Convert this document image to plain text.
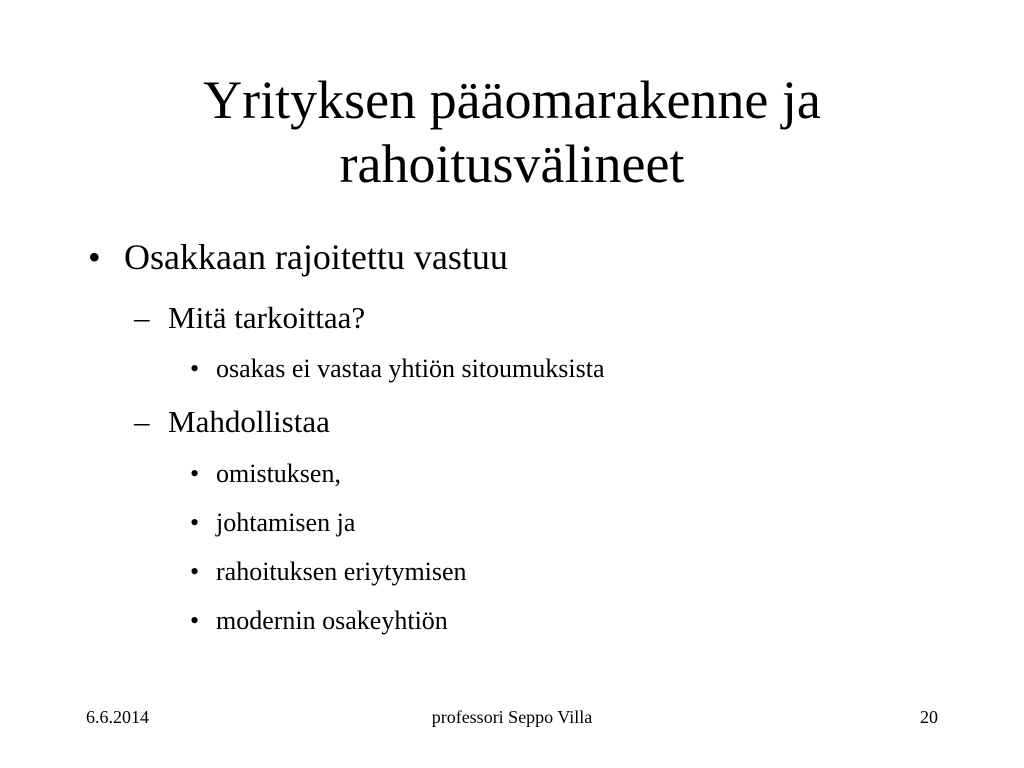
Yrityksen pääomarakenne ja
rahoitusvälineet
• Osakkaan rajoitettu vastuu
– Mitä tarkoittaa?
• osakas ei vastaa yhtiön sitoumuksista
– Mahdollistaa
• omistuksen,
• johtamisen ja
• rahoituksen eriytymisen
• modernin osakeyhtiön
6.6.2014	professori Seppo Villa	20
